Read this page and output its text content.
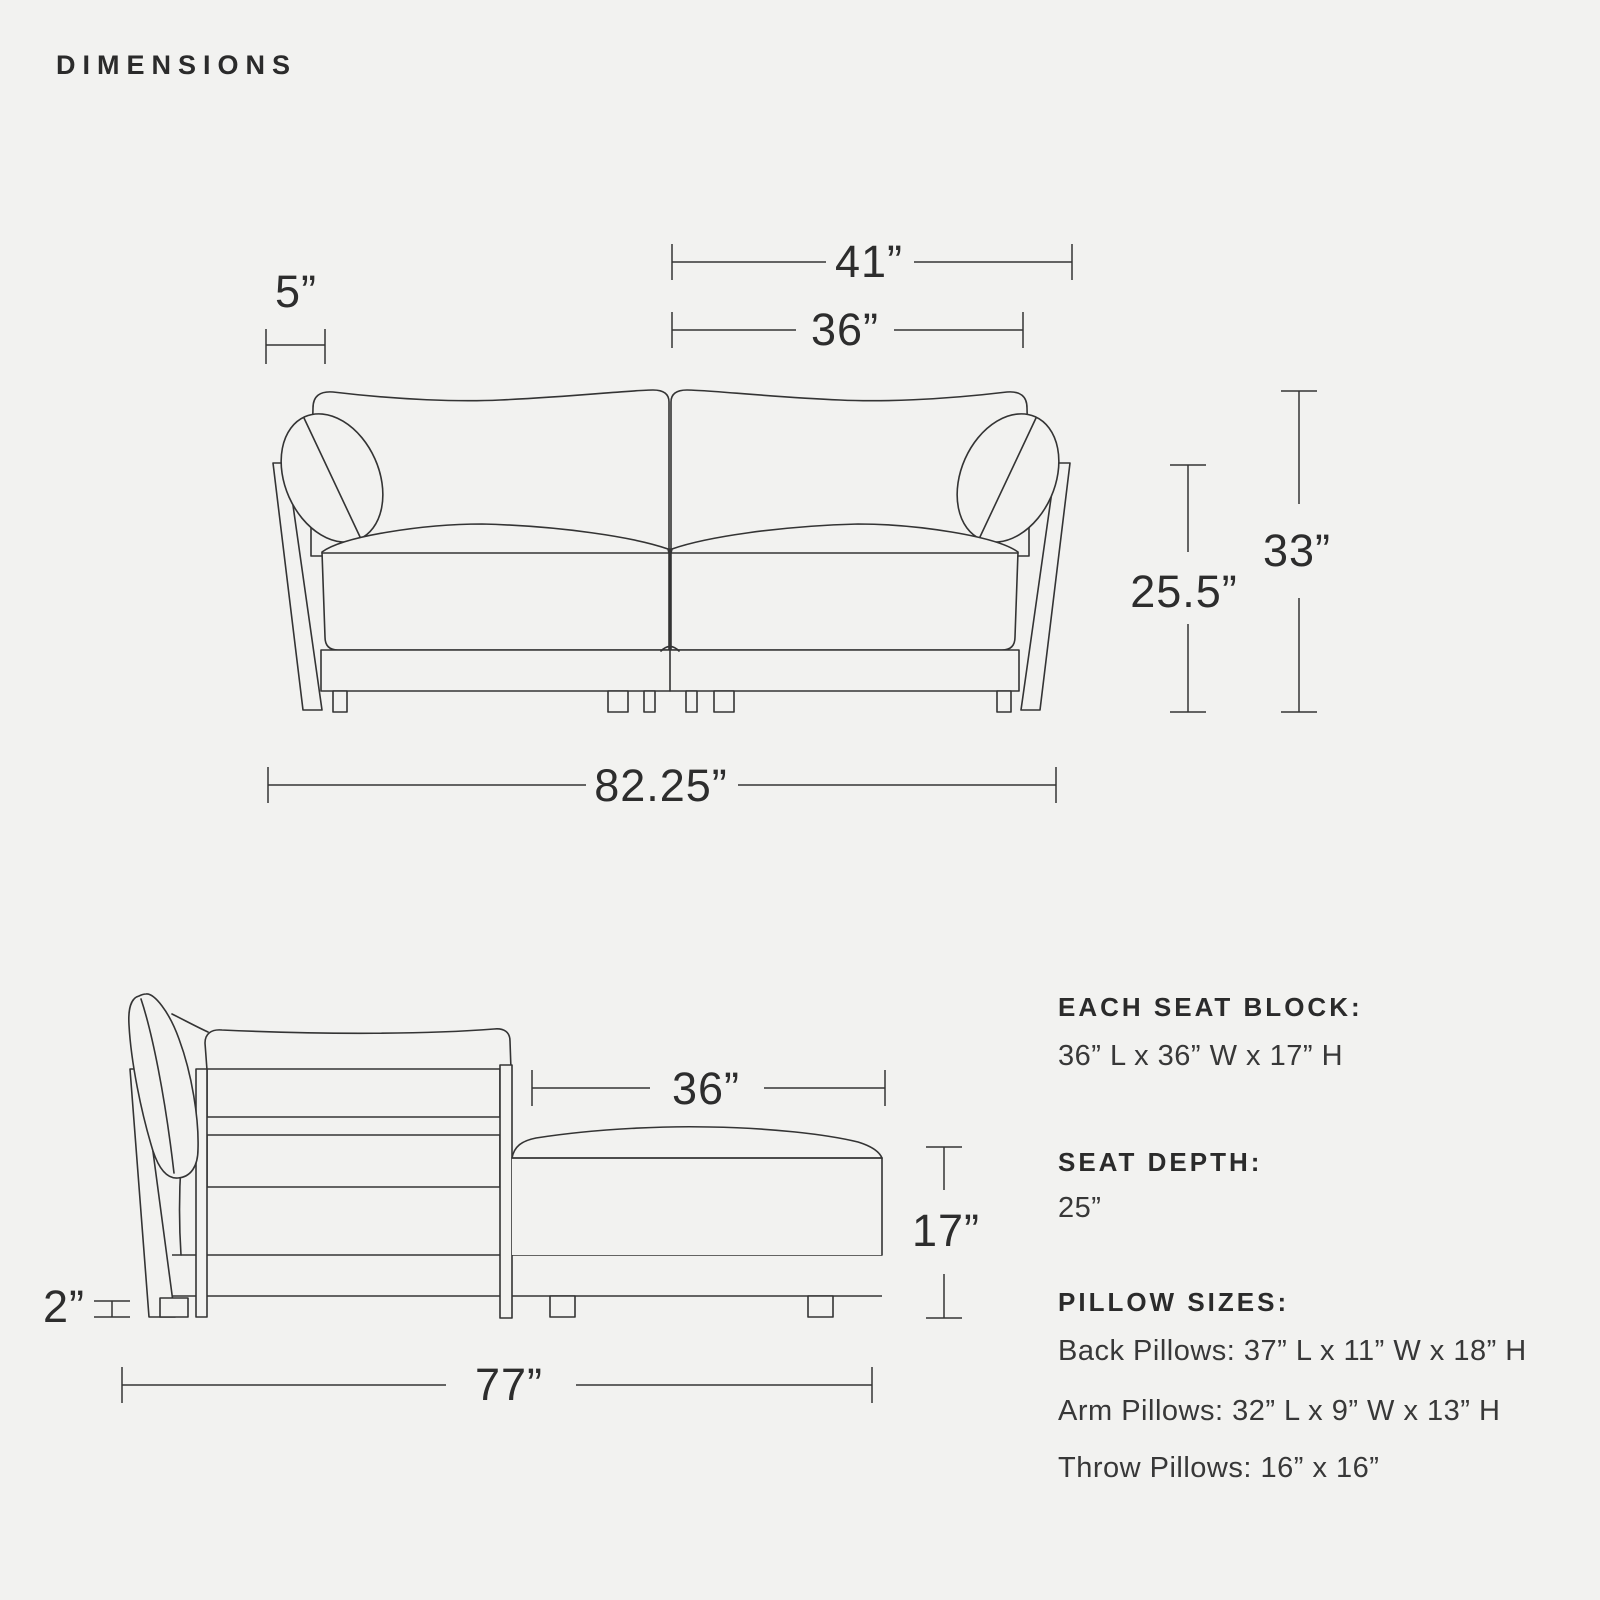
DIMENSIONS
5”
41”
36”
82.25”
25.5”
33”
36”
17”
2”
77”
EACH SEAT BLOCK:
36” L x 36” W x 17” H
SEAT DEPTH:
25”
PILLOW SIZES:
Back Pillows: 37” L x 11” W x 18” H
Arm Pillows: 32” L x 9” W x 13” H
Throw Pillows: 16” x 16”
